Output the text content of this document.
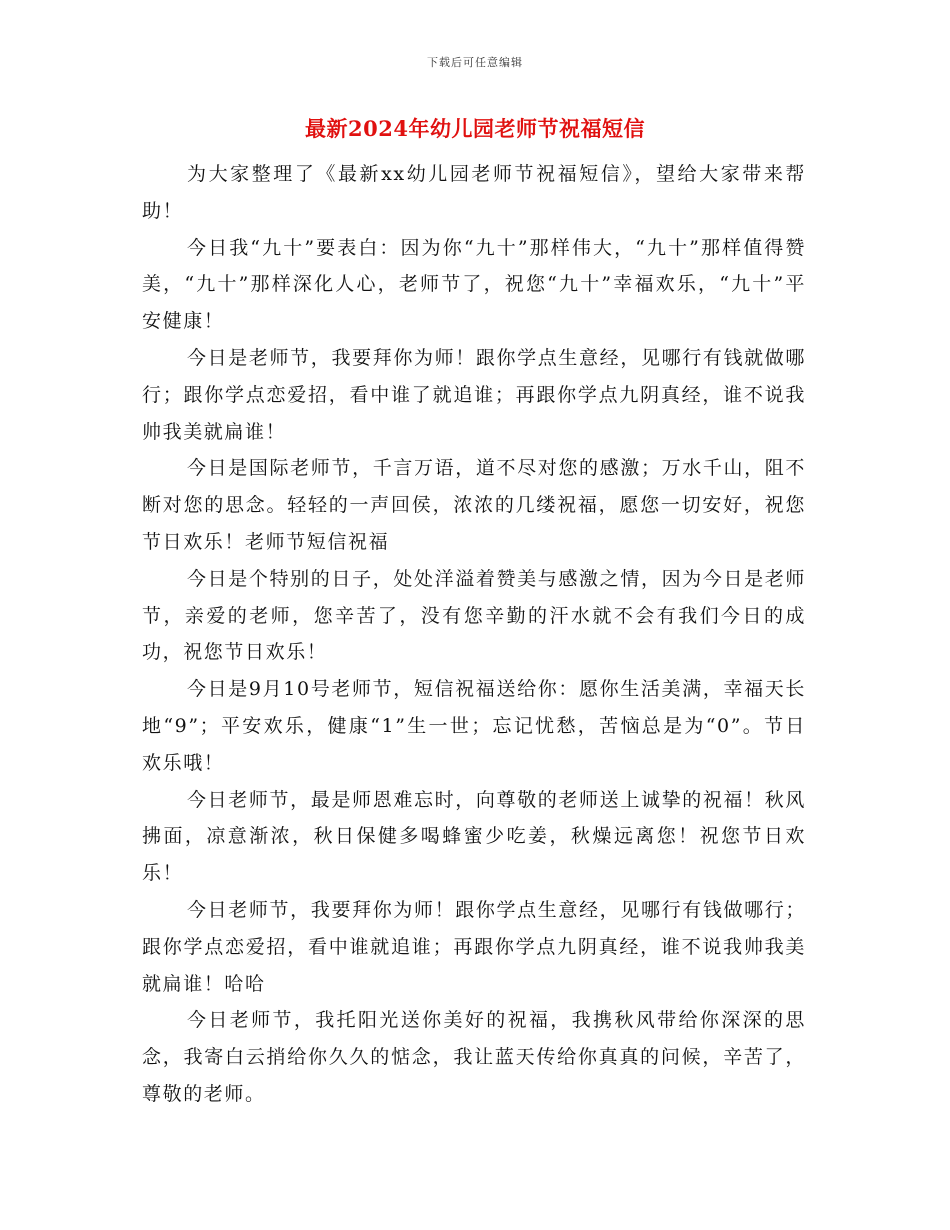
下载后可任意编辑
最新2024年幼儿园老师节祝福短信

为大家整理了《最新xx幼儿园老师节祝福短信》，望给大家带来帮助！

今日我“九十”要表白：因为你“九十”那样伟大，“九十”那样值得赞美，“九十”那样深化人心，老师节了，祝您“九十”幸福欢乐，“九十”平安健康！

今日是老师节，我要拜你为师！跟你学点生意经，见哪行有钱就做哪行；跟你学点恋爱招，看中谁了就追谁；再跟你学点九阴真经，谁不说我帅我美就扁谁！

今日是国际老师节，千言万语，道不尽对您的感激；万水千山，阻不断对您的思念。轻轻的一声回侯，浓浓的几缕祝福，愿您一切安好，祝您节日欢乐！老师节短信祝福

今日是个特别的日子，处处洋溢着赞美与感激之情，因为今日是老师节，亲爱的老师，您辛苦了，没有您辛勤的汗水就不会有我们今日的成功，祝您节日欢乐！

今日是9月10号老师节，短信祝福送给你：愿你生活美满，幸福天长地“9”；平安欢乐，健康“1”生一世；忘记忧愁，苦恼总是为“0”。节日欢乐哦！

今日老师节，最是师恩难忘时，向尊敬的老师送上诚挚的祝福！秋风拂面，凉意渐浓，秋日保健多喝蜂蜜少吃姜，秋燥远离您！祝您节日欢乐！

今日老师节，我要拜你为师！跟你学点生意经，见哪行有钱做哪行；跟你学点恋爱招，看中谁就追谁；再跟你学点九阴真经，谁不说我帅我美就扁谁！哈哈

今日老师节，我托阳光送你美好的祝福，我携秋风带给你深深的思念，我寄白云捎给你久久的惦念，我让蓝天传给你真真的问候，辛苦了，尊敬的老师。
